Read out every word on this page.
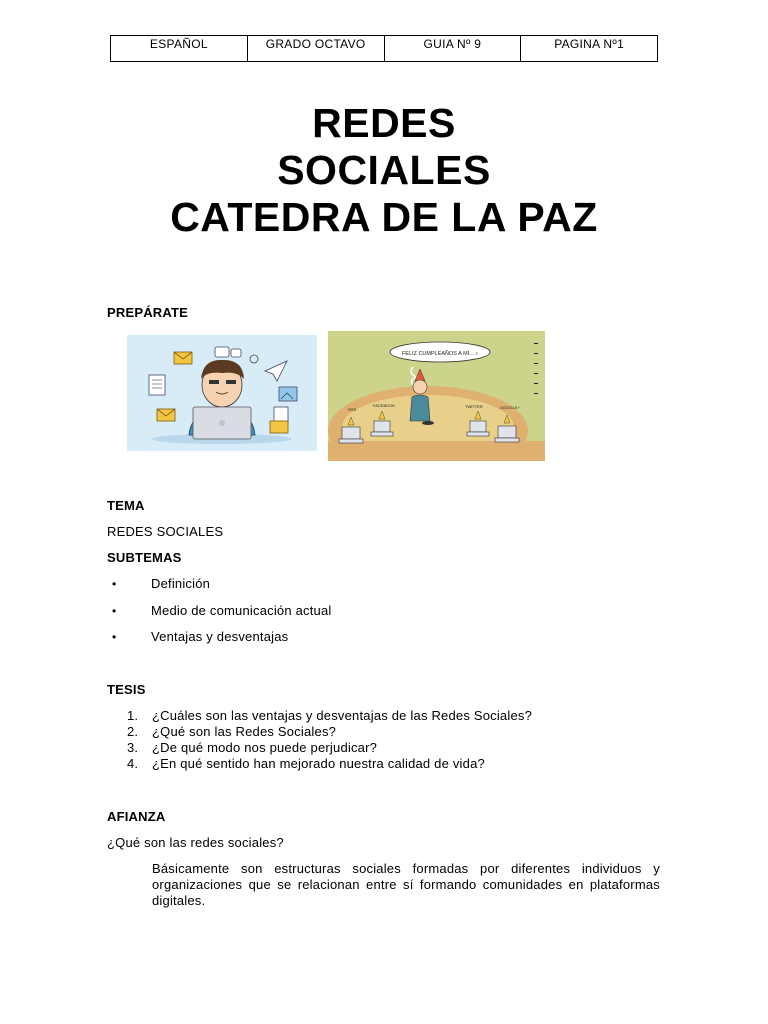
ESPAÑOL	GRADO OCTAVO	GUIA Nº 9	PAGINA Nº1
REDES
SOCIALES
CATEDRA DE LA PAZ
PREPÁRATE
FELIZ CUMPLEAÑOS A MÍ... ♪
RSS
FACEBOOK	TWITTER	GOOGLE+
TEMA
REDES SOCIALES
SUBTEMAS
•	Definición
•	Medio de comunicación actual
•	Ventajas y desventajas
TESIS
1. ¿Cuáles son las ventajas y desventajas de las Redes Sociales?
2. ¿Qué son las Redes Sociales?
3. ¿De qué modo nos puede perjudicar?
4. ¿En qué sentido han mejorado nuestra calidad de vida?
AFIANZA
¿Qué son las redes sociales?

Básicamente son estructuras sociales formadas por diferentes individuos y organizaciones que se relacionan entre sí formando comunidades en plataformas digitales.
